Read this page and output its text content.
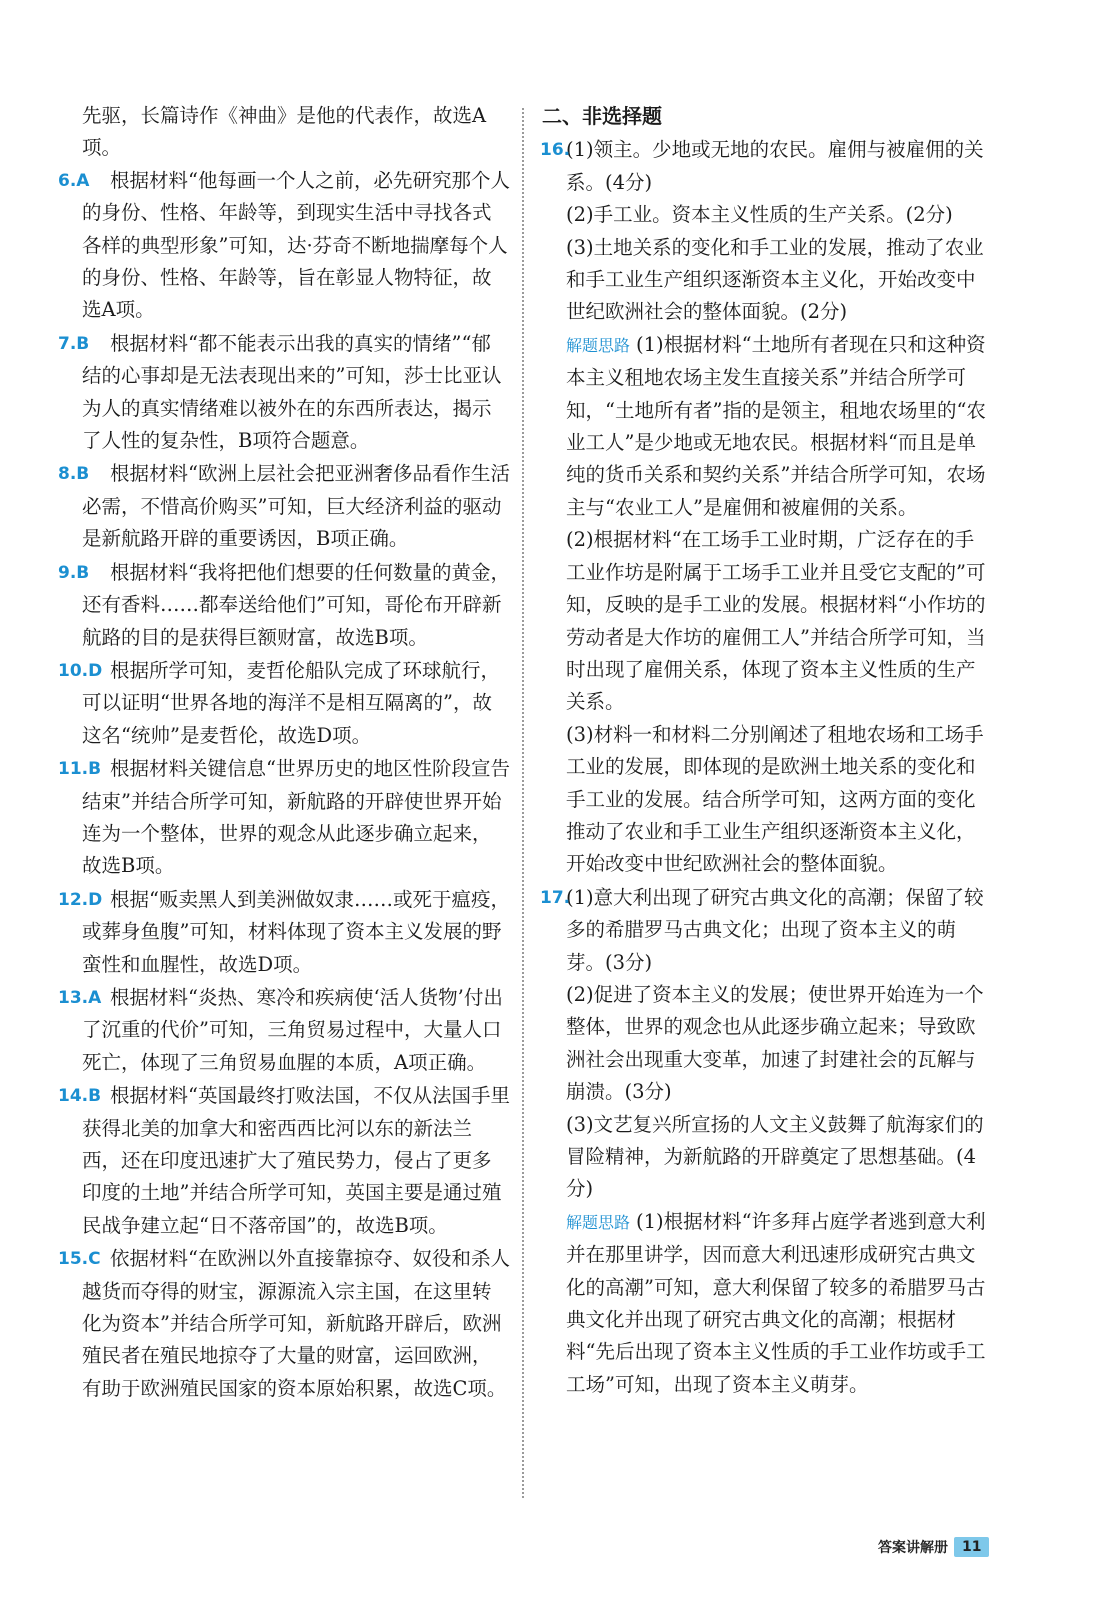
先驱，长篇诗作《神曲》是他的代表作，故选A项。
6.A	根据材料“他每画一个人之前，必先研究那个人的身份、性格、年龄等，到现实生活中寻找各式各样的典型形象”可知，达·芬奇不断地揣摩每个人的身份、性格、年龄等，旨在彰显人物特征，故选A项。
7.B	根据材料“都不能表示出我的真实的情绪”“郁结的心事却是无法表现出来的”可知，莎士比亚认为人的真实情绪难以被外在的东西所表达，揭示了人性的复杂性，B项符合题意。
8.B	根据材料“欧洲上层社会把亚洲奢侈品看作生活必需，不惜高价购买”可知，巨大经济利益的驱动是新航路开辟的重要诱因，B项正确。
9.B	根据材料“我将把他们想要的任何数量的黄金，还有香料……都奉送给他们”可知，哥伦布开辟新航路的目的是获得巨额财富，故选B项。
10.D 根据所学可知，麦哲伦船队完成了环球航行，可以证明“世界各地的海洋不是相互隔离的”，故这名“统帅”是麦哲伦，故选D项。
11.B 根据材料关键信息“世界历史的地区性阶段宣告结束”并结合所学可知，新航路的开辟使世界开始连为一个整体，世界的观念从此逐步确立起来，故选B项。
12.D 根据“贩卖黑人到美洲做奴隶……或死于瘟疫，或葬身鱼腹”可知，材料体现了资本主义发展的野蛮性和血腥性，故选D项。
13.A 根据材料“炎热、寒冷和疾病使‘活人货物’付出了沉重的代价”可知，三角贸易过程中，大量人口死亡，体现了三角贸易血腥的本质，A项正确。
14.B 根据材料“英国最终打败法国，不仅从法国手里获得北美的加拿大和密西西比河以东的新法兰西，还在印度迅速扩大了殖民势力，侵占了更多印度的土地”并结合所学可知，英国主要是通过殖民战争建立起“日不落帝国”的，故选B项。
15.C 依据材料“在欧洲以外直接靠掠夺、奴役和杀人越货而夺得的财宝，源源流入宗主国，在这里转化为资本”并结合所学可知，新航路开辟后，欧洲殖民者在殖民地掠夺了大量的财富，运回欧洲，有助于欧洲殖民国家的资本原始积累，故选C项。
二、非选择题
16.
(1)领主。少地或无地的农民。雇佣与被雇佣的关系。(4分)
(2)手工业。资本主义性质的生产关系。(2分)
(3)土地关系的变化和手工业的发展，推动了农业和手工业生产组织逐渐资本主义化，开始改变中世纪欧洲社会的整体面貌。(2分)
解题思路 (1)根据材料“土地所有者现在只和这种资本主义租地农场主发生直接关系”并结合所学可知，“土地所有者”指的是领主，租地农场里的“农业工人”是少地或无地农民。根据材料“而且是单纯的货币关系和契约关系”并结合所学可知，农场主与“农业工人”是雇佣和被雇佣的关系。
(2)根据材料“在工场手工业时期，广泛存在的手工业作坊是附属于工场手工业并且受它支配的”可知，反映的是手工业的发展。根据材料“小作坊的劳动者是大作坊的雇佣工人”并结合所学可知，当时出现了雇佣关系，体现了资本主义性质的生产关系。
(3)材料一和材料二分别阐述了租地农场和工场手工业的发展，即体现的是欧洲土地关系的变化和手工业的发展。结合所学可知，这两方面的变化推动了农业和手工业生产组织逐渐资本主义化，开始改变中世纪欧洲社会的整体面貌。
17.
(1)意大利出现了研究古典文化的高潮；保留了较多的希腊罗马古典文化；出现了资本主义的萌芽。(3分)
(2)促进了资本主义的发展；使世界开始连为一个整体，世界的观念也从此逐步确立起来；导致欧洲社会出现重大变革，加速了封建社会的瓦解与崩溃。(3分)
(3)文艺复兴所宣扬的人文主义鼓舞了航海家们的冒险精神，为新航路的开辟奠定了思想基础。(4分)
解题思路 (1)根据材料“许多拜占庭学者逃到意大利并在那里讲学，因而意大利迅速形成研究古典文化的高潮”可知，意大利保留了较多的希腊罗马古典文化并出现了研究古典文化的高潮；根据材料“先后出现了资本主义性质的手工业作坊或手工工场”可知，出现了资本主义萌芽。
答案讲解册	11
